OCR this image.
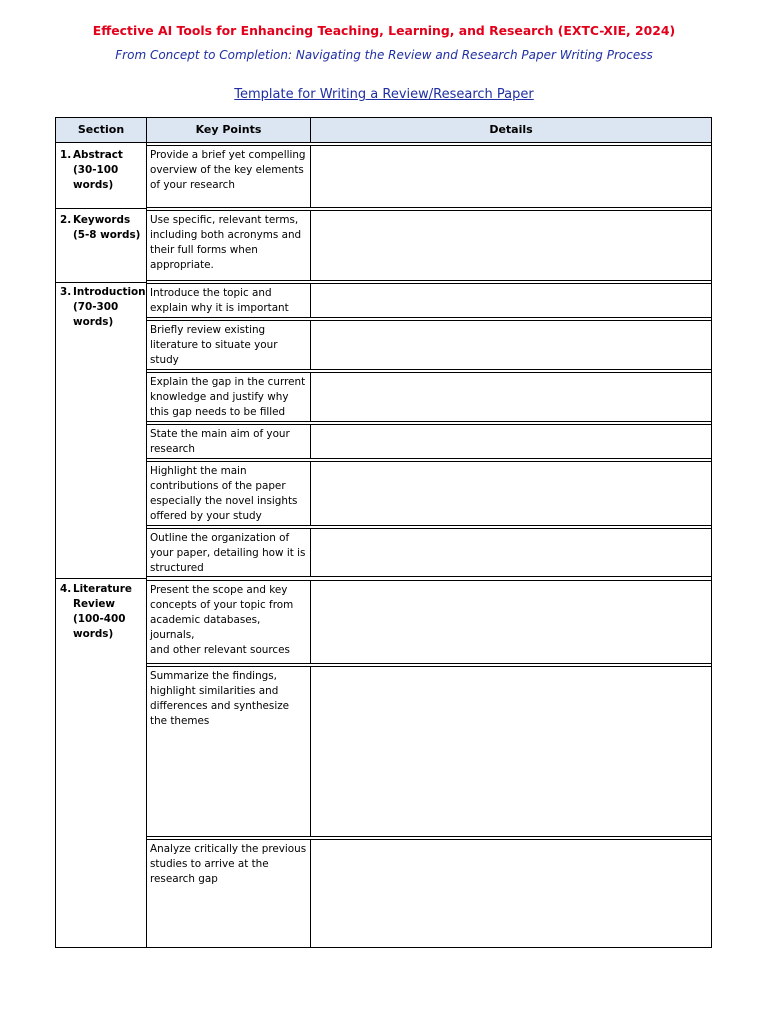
Effective AI Tools for Enhancing Teaching, Learning, and Research (EXTC-XIE, 2024)
From Concept to Completion: Navigating the Review and Research Paper Writing Process
Template for Writing a Review/Research Paper
Section	Key Points	Details
1. Abstract
(30-100
words)
2. Keywords
(5-8 words)
3. Introduction
(70-300
words)
4. Literature
Review
(100-400
words)
Provide a brief yet compelling
overview of the key elements
of your research
Use specific, relevant terms,
including both acronyms and
their full forms when
appropriate.
Introduce the topic and
explain why it is important
Briefly review existing
literature to situate your
study
Explain the gap in the current
knowledge and justify why
this gap needs to be filled
State the main aim of your
research
Highlight the main
contributions of the paper
especially the novel insights
offered by your study
Outline the organization of
your paper, detailing how it is
structured
Present the scope and key
concepts of your topic from
academic databases, journals,
and other relevant sources
Summarize the findings,
highlight similarities and
differences and synthesize
the themes
Analyze critically the previous
studies to arrive at the
research gap
